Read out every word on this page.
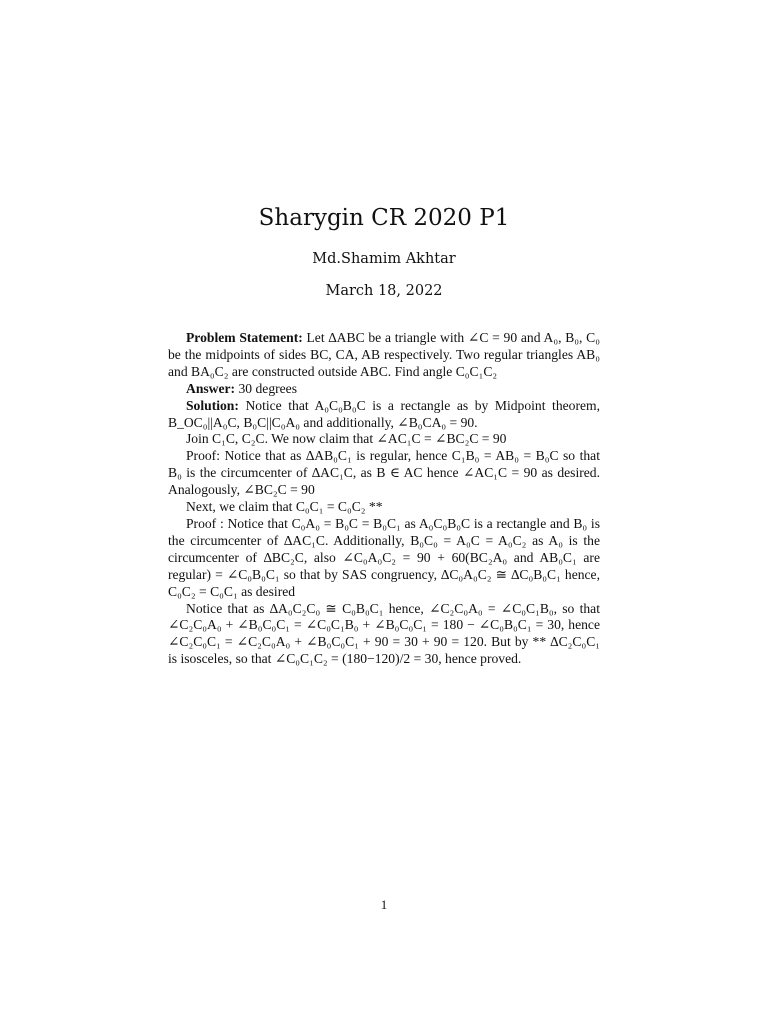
Sharygin CR 2020 P1
Md.Shamim Akhtar
March 18, 2022

Problem Statement: Let ∆ABC be a triangle with ∠C = 90 and A₀, B₀, C₀ be the midpoints of sides BC, CA, AB respectively. Two regular triangles AB₀ and BA₀C₂ are constructed outside ABC. Find angle C₀C₁C₂

Answer: 30 degrees

Solution: Notice that A₀C₀B₀C is a rectangle as by Midpoint theorem, B_OC₀||A₀C, B₀C||C₀A₀ and additionally, ∠B₀CA₀ = 90.

Join C₁C, C₂C. We now claim that ∠AC₁C = ∠BC₂C = 90

Proof: Notice that as ∆AB₀C₁ is regular, hence C₁B₀ = AB₀ = B₀C so that B₀ is the circumcenter of ∆AC₁C, as B ∈ AC hence ∠AC₁C = 90 as desired. Analogously, ∠BC₂C = 90

Next, we claim that C₀C₁ = C₀C₂ **

Proof : Notice that C₀A₀ = B₀C = B₀C₁ as A₀C₀B₀C is a rectangle and B₀ is the circumcenter of ∆AC₁C. Additionally, B₀C₀ = A₀C = A₀C₂ as A₀ is the circumcenter of ∆BC₂C, also ∠C₀A₀C₂ = 90 + 60(BC₂A₀ and AB₀C₁ are regular) = ∠C₀B₀C₁ so that by SAS congruency, ∆C₀A₀C₂ ≅ ∆C₀B₀C₁ hence, C₀C₂ = C₀C₁ as desired

Notice that as ∆A₀C₂C₀ ≅ C₀B₀C₁ hence, ∠C₂C₀A₀ = ∠C₀C₁B₀, so that ∠C₂C₀A₀ + ∠B₀C₀C₁ = ∠C₀C₁B₀ + ∠B₀C₀C₁ = 180 − ∠C₀B₀C₁ = 30, hence ∠C₂C₀C₁ = ∠C₂C₀A₀ + ∠B₀C₀C₁ + 90 = 30 + 90 = 120. But by ** ∆C₂C₀C₁ is isosceles, so that ∠C₀C₁C₂ = (180−120)/2 = 30, hence proved.

1
